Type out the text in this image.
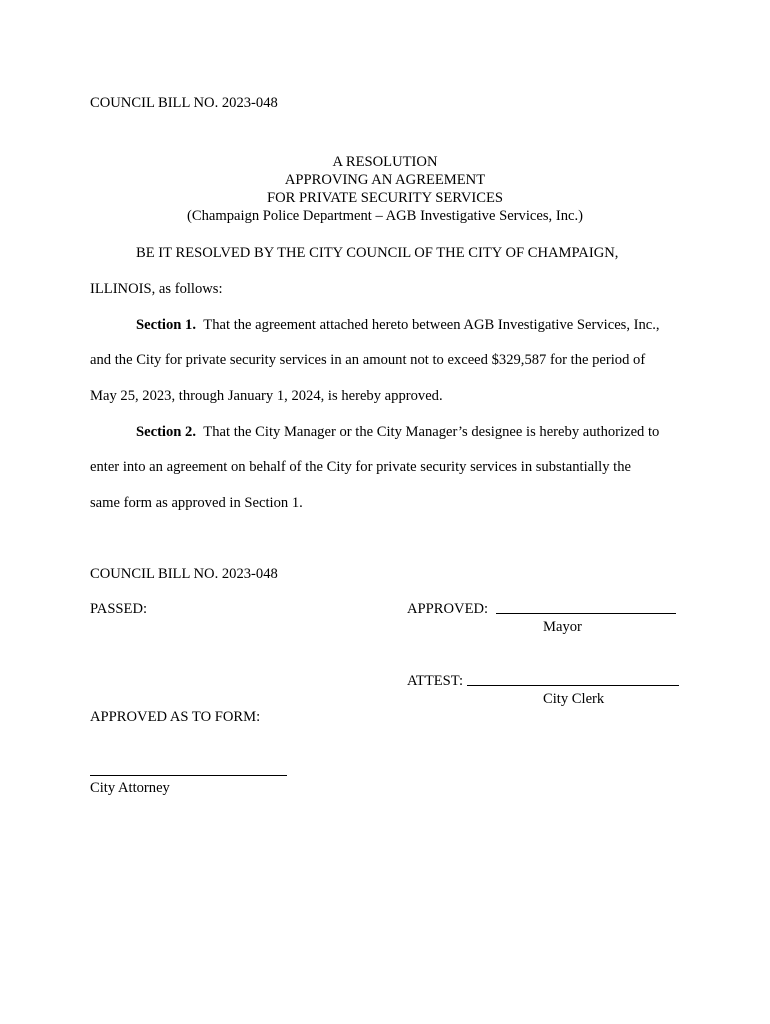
COUNCIL BILL NO. 2023-048
A RESOLUTION
APPROVING AN AGREEMENT
FOR PRIVATE SECURITY SERVICES
(Champaign Police Department – AGB Investigative Services, Inc.)
BE IT RESOLVED BY THE CITY COUNCIL OF THE CITY OF CHAMPAIGN,
ILLINOIS, as follows:
Section 1. That the agreement attached hereto between AGB Investigative Services, Inc.,
and the City for private security services in an amount not to exceed $329,587 for the period of
May 25, 2023, through January 1, 2024, is hereby approved.
Section 2. That the City Manager or the City Manager’s designee is hereby authorized to
enter into an agreement on behalf of the City for private security services in substantially the
same form as approved in Section 1.
COUNCIL BILL NO. 2023-048
PASSED:	APPROVED:
Mayor
ATTEST:
City Clerk
APPROVED AS TO FORM:
City Attorney
